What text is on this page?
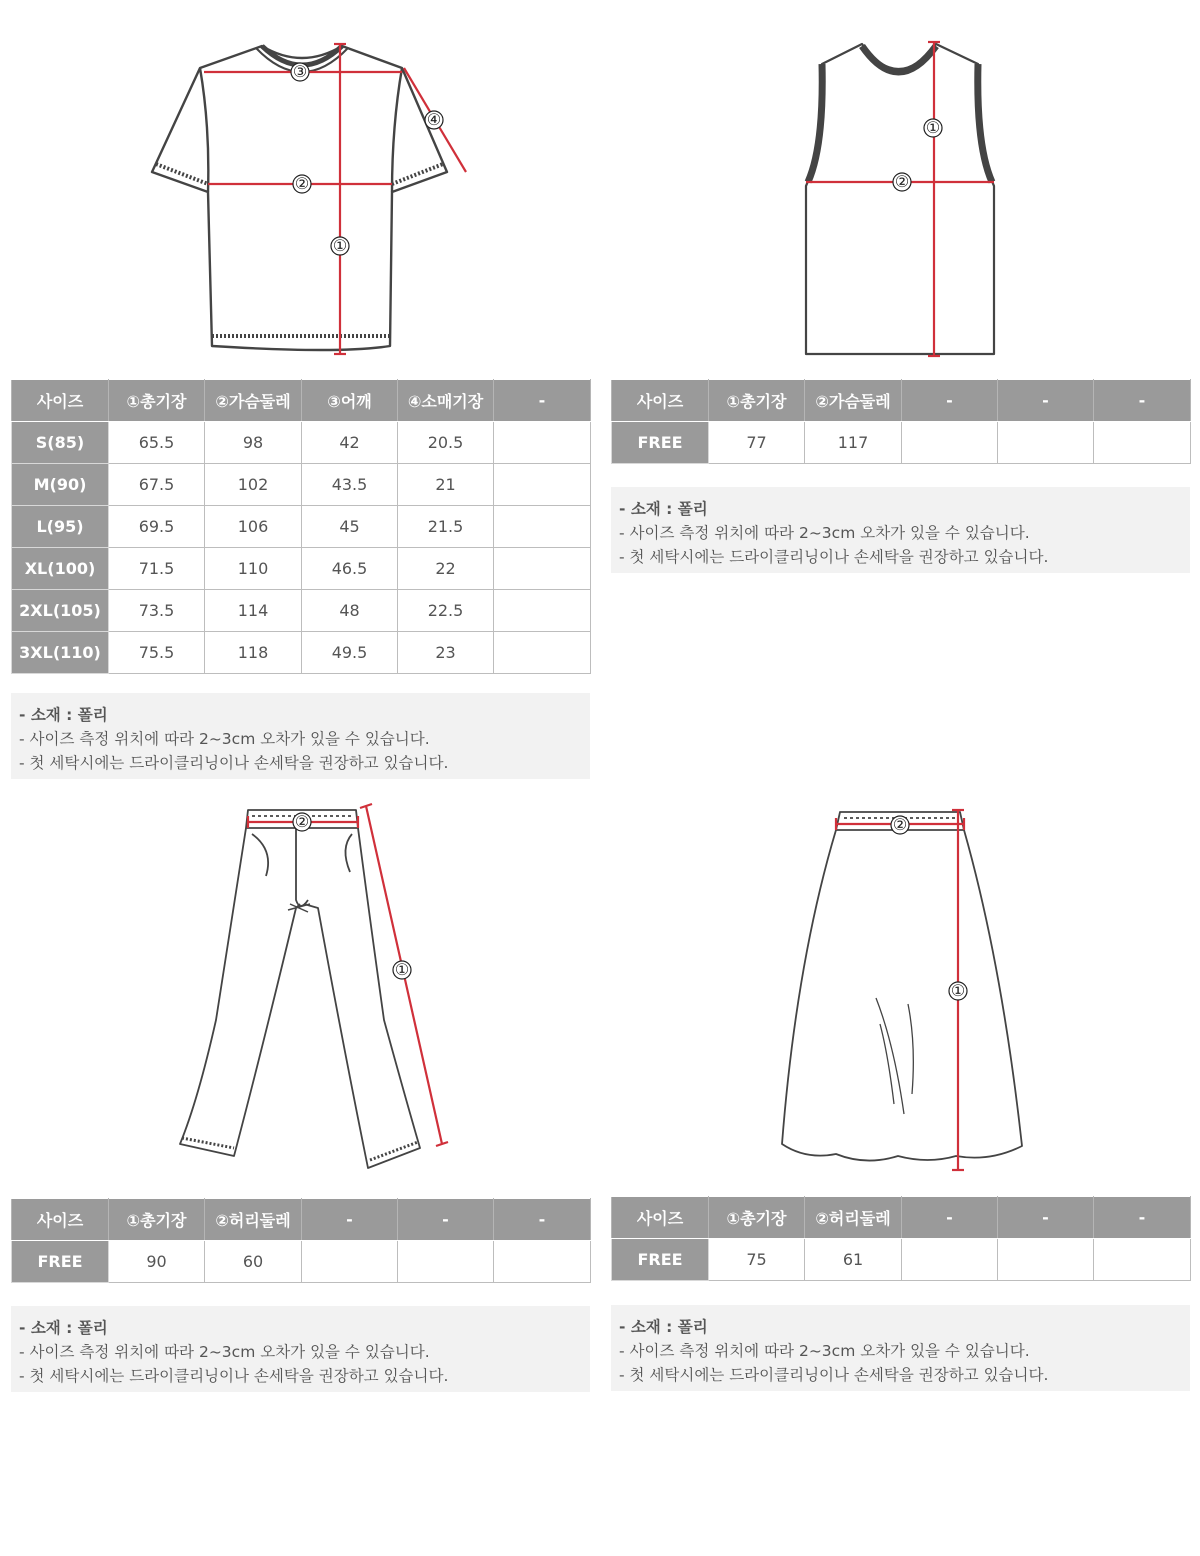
①
②
③
④
사이즈	①총기장	②가슴둘레	③어깨	④소매기장	-
S(85)	65.5	98	42	20.5	
M(90)	67.5	102	43.5	21	
L(95)	69.5	106	45	21.5	
XL(100)	71.5	110	46.5	22	
2XL(105)	73.5	114	48	22.5	
3XL(110)	75.5	118	49.5	23	
- 소재 : 폴리
- 사이즈 측정 위치에 따라 2~3cm 오차가 있을 수 있습니다.
- 첫 세탁시에는 드라이클리닝이나 손세탁을 권장하고 있습니다.
①
②
사이즈	①총기장	②가슴둘레	-	-	-
FREE	77	117			
- 소재 : 폴리
- 사이즈 측정 위치에 따라 2~3cm 오차가 있을 수 있습니다.
- 첫 세탁시에는 드라이클리닝이나 손세탁을 권장하고 있습니다.
②
①
사이즈	①총기장	②허리둘레	-	-	-
FREE	90	60			
- 소재 : 폴리
- 사이즈 측정 위치에 따라 2~3cm 오차가 있을 수 있습니다.
- 첫 세탁시에는 드라이클리닝이나 손세탁을 권장하고 있습니다.
②
①
사이즈	①총기장	②허리둘레	-	-	-
FREE	75	61			
- 소재 : 폴리
- 사이즈 측정 위치에 따라 2~3cm 오차가 있을 수 있습니다.
- 첫 세탁시에는 드라이클리닝이나 손세탁을 권장하고 있습니다.
